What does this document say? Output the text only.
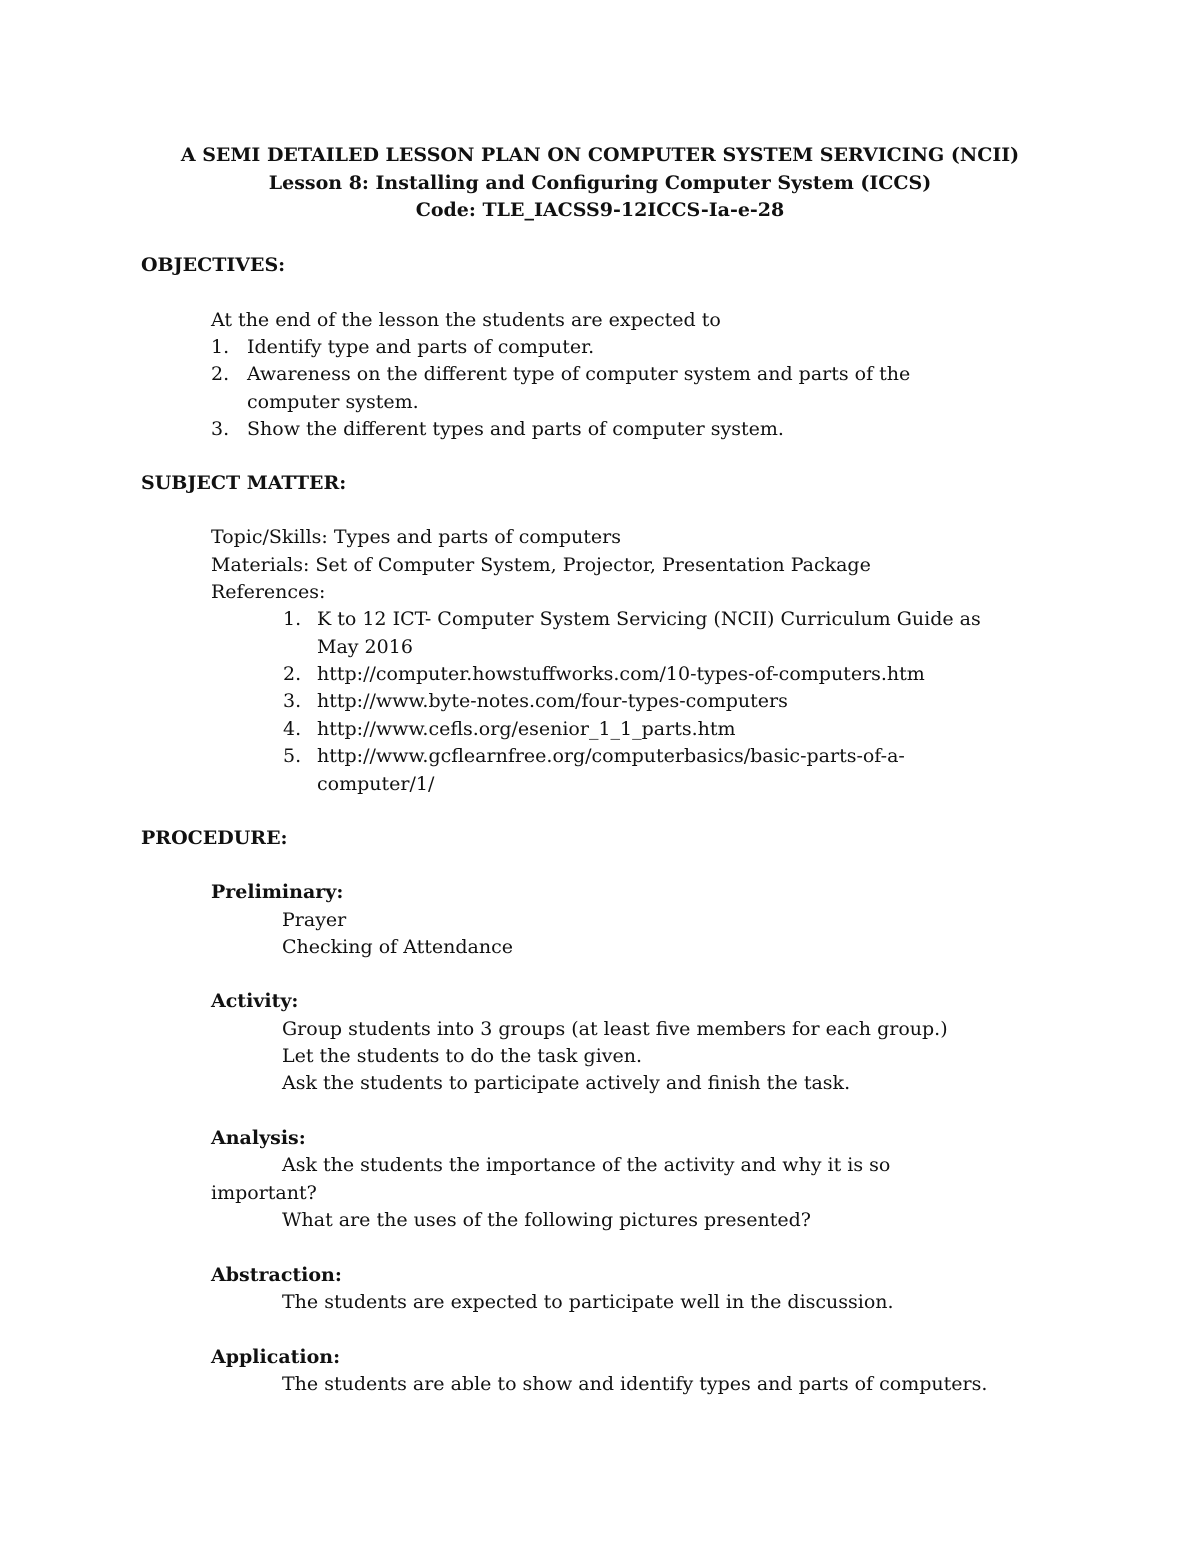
A SEMI DETAILED LESSON PLAN ON COMPUTER SYSTEM SERVICING (NCII)
Lesson 8: Installing and Configuring Computer System (ICCS)
Code: TLE_IACSS9-12ICCS-Ia-e-28
OBJECTIVES:
At the end of the lesson the students are expected to
1. Identify type and parts of computer.
2. Awareness on the different type of computer system and parts of the
computer system.
3. Show the different types and parts of computer system.
SUBJECT MATTER:
Topic/Skills: Types and parts of computers
Materials: Set of Computer System, Projector, Presentation Package
References:
1. K to 12 ICT- Computer System Servicing (NCII) Curriculum Guide as
May 2016
2. http://computer.howstuffworks.com/10-types-of-computers.htm
3. http://www.byte-notes.com/four-types-computers
4. http://www.cefls.org/esenior_1_1_parts.htm
5. http://www.gcflearnfree.org/computerbasics/basic-parts-of-a-
computer/1/
PROCEDURE:
Preliminary:
Prayer
Checking of Attendance
Activity:
Group students into 3 groups (at least five members for each group.)
Let the students to do the task given.
Ask the students to participate actively and finish the task.
Analysis:
Ask the students the importance of the activity and why it is so
important?
What are the uses of the following pictures presented?
Abstraction:
The students are expected to participate well in the discussion.
Application:
The students are able to show and identify types and parts of computers.
